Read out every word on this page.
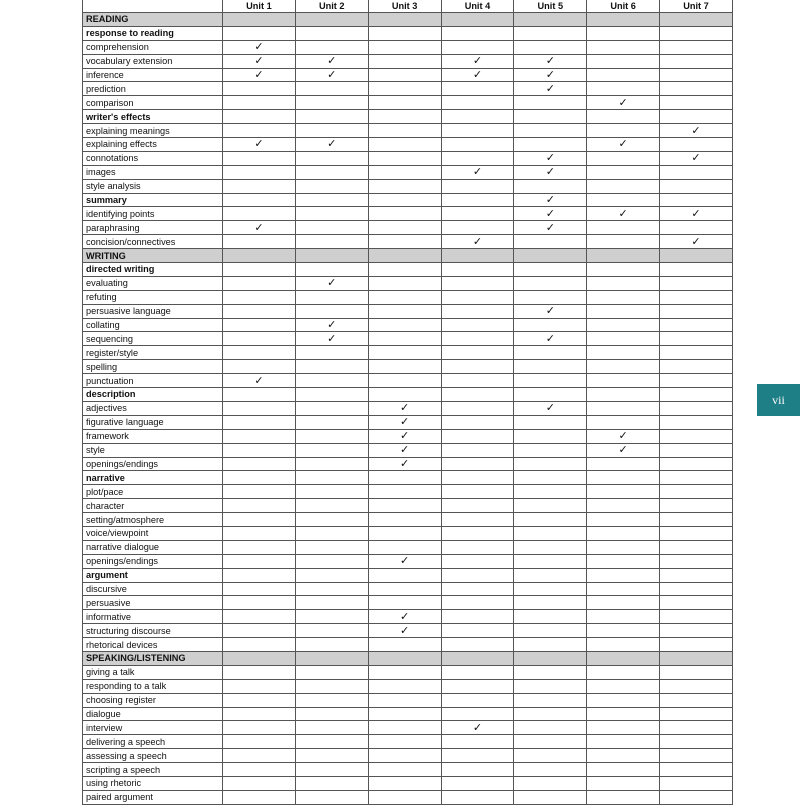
	Unit 1	Unit 2	Unit 3	Unit 4	Unit 5	Unit 6	Unit 7
READING							
response to reading							
comprehension	✓						
vocabulary extension	✓	✓		✓	✓		
inference	✓	✓		✓	✓		
prediction					✓		
comparison						✓	
writer's effects							
explaining meanings							✓
explaining effects	✓	✓				✓	
connotations					✓		✓
images				✓	✓		
style analysis							
summary					✓		
identifying points					✓	✓	✓
paraphrasing	✓				✓		
concision/connectives				✓			✓
WRITING							
directed writing							
evaluating		✓					
refuting							
persuasive language					✓		
collating		✓					
sequencing		✓			✓		
register/style							
spelling							
punctuation	✓						
description							
adjectives			✓		✓		
figurative language			✓				
framework			✓			✓	
style			✓			✓	
openings/endings			✓				
narrative							
plot/pace							
character							
setting/atmosphere							
voice/viewpoint							
narrative dialogue							
openings/endings			✓				
argument							
discursive							
persuasive							
informative			✓				
structuring discourse			✓				
rhetorical devices							
SPEAKING/LISTENING							
giving a talk							
responding to a talk							
choosing register							
dialogue							
interview				✓			
delivering a speech							
assessing a speech							
scripting a speech							
using rhetoric							
paired argument							
vii
